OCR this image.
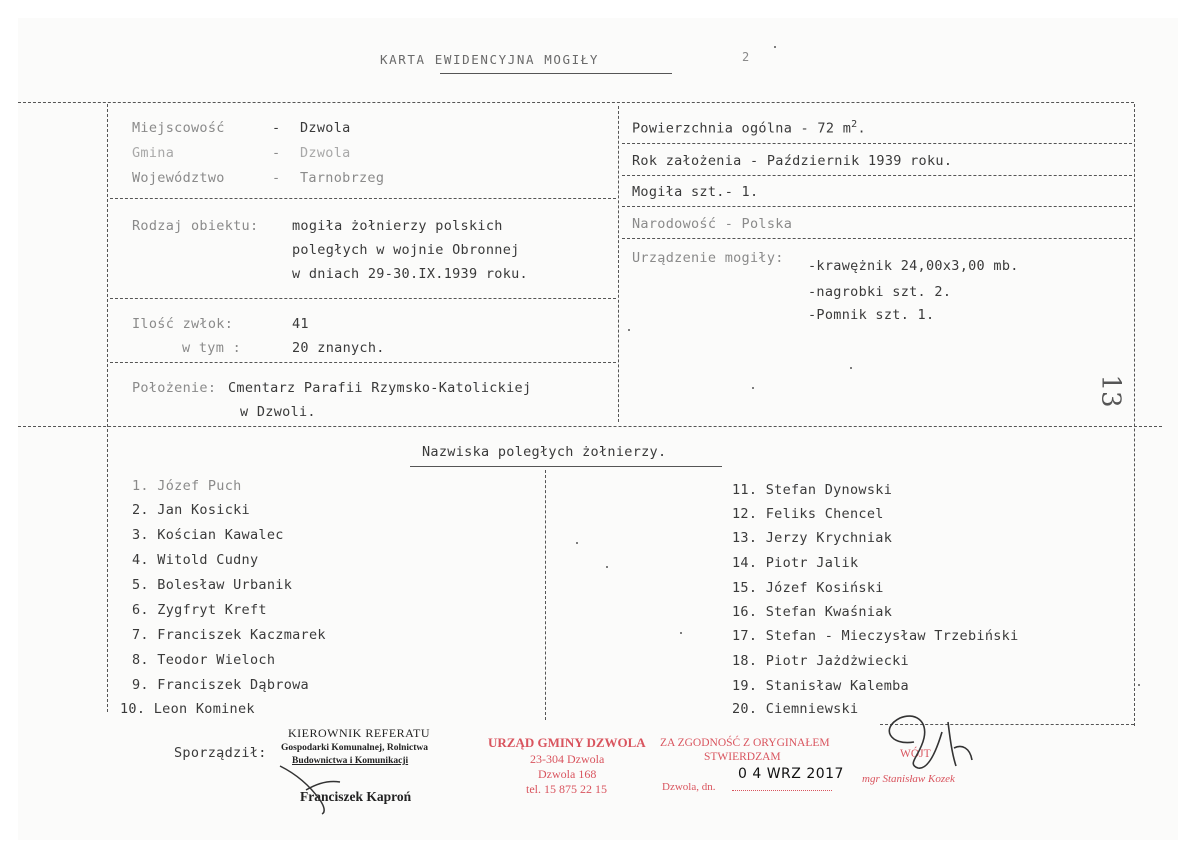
KARTA EWIDENCYJNA MOGIŁY	2
Miejscowość	- Dzwola
Gmina	- Dzwola
Województwo	- Tarnobrzeg
Rodzaj obiektu: mogiła żołnierzy polskich
poległych w wojnie Obronnej
w dniach 29-30.IX.1939 roku.
Ilość zwłok:	41
w tym :	20 znanych.
Położenie: Cmentarz Parafii Rzymsko-Katolickiej
w Dzwoli.
Powierzchnia ogólna - 72 $m^2$.
Rok założenia - Październik 1939 roku.
Mogiła szt.- 1.
Narodowość - Polska
Urządzenie mogiły: -krawężnik 24,00x3,00 mb.
-nagrobki szt. 2.
-Pomnik szt. 1.
13
Nazwiska poległych żołnierzy.
1. Józef Puch
2. Jan Kosicki
3. Kościan Kawalec
4. Witold Cudny
5. Bolesław Urbanik
6. Zygfryt Kreft
7. Franciszek Kaczmarek
8. Teodor Wieloch
9. Franciszek Dąbrowa
10. Leon Kominek
11. Stefan Dynowski
12. Feliks Chencel
13. Jerzy Krychniak
14. Piotr Jalik
15. Józef Kosiński
16. Stefan Kwaśniak
17. Stefan - Mieczysław Trzebiński
18. Piotr Jażdżwiecki
19. Stanisław Kalemba
20. Ciemniewski
Sporządził:
KIEROWNIK REFERATU
Gospodarki Komunalnej, Rolnictwa
Budownictwa i Komunikacji
Franciszek Kaproń
URZĄD GMINY DZWOLA
23-304 Dzwola
Dzwola 168
tel. 15 875 22 15
ZA ZGODNOŚĆ Z ORYGINAŁEM
STWIERDZAM
Dzwola, dn.
0 4 WRZ 2017
WÓJT
mgr Stanisław Kozek
